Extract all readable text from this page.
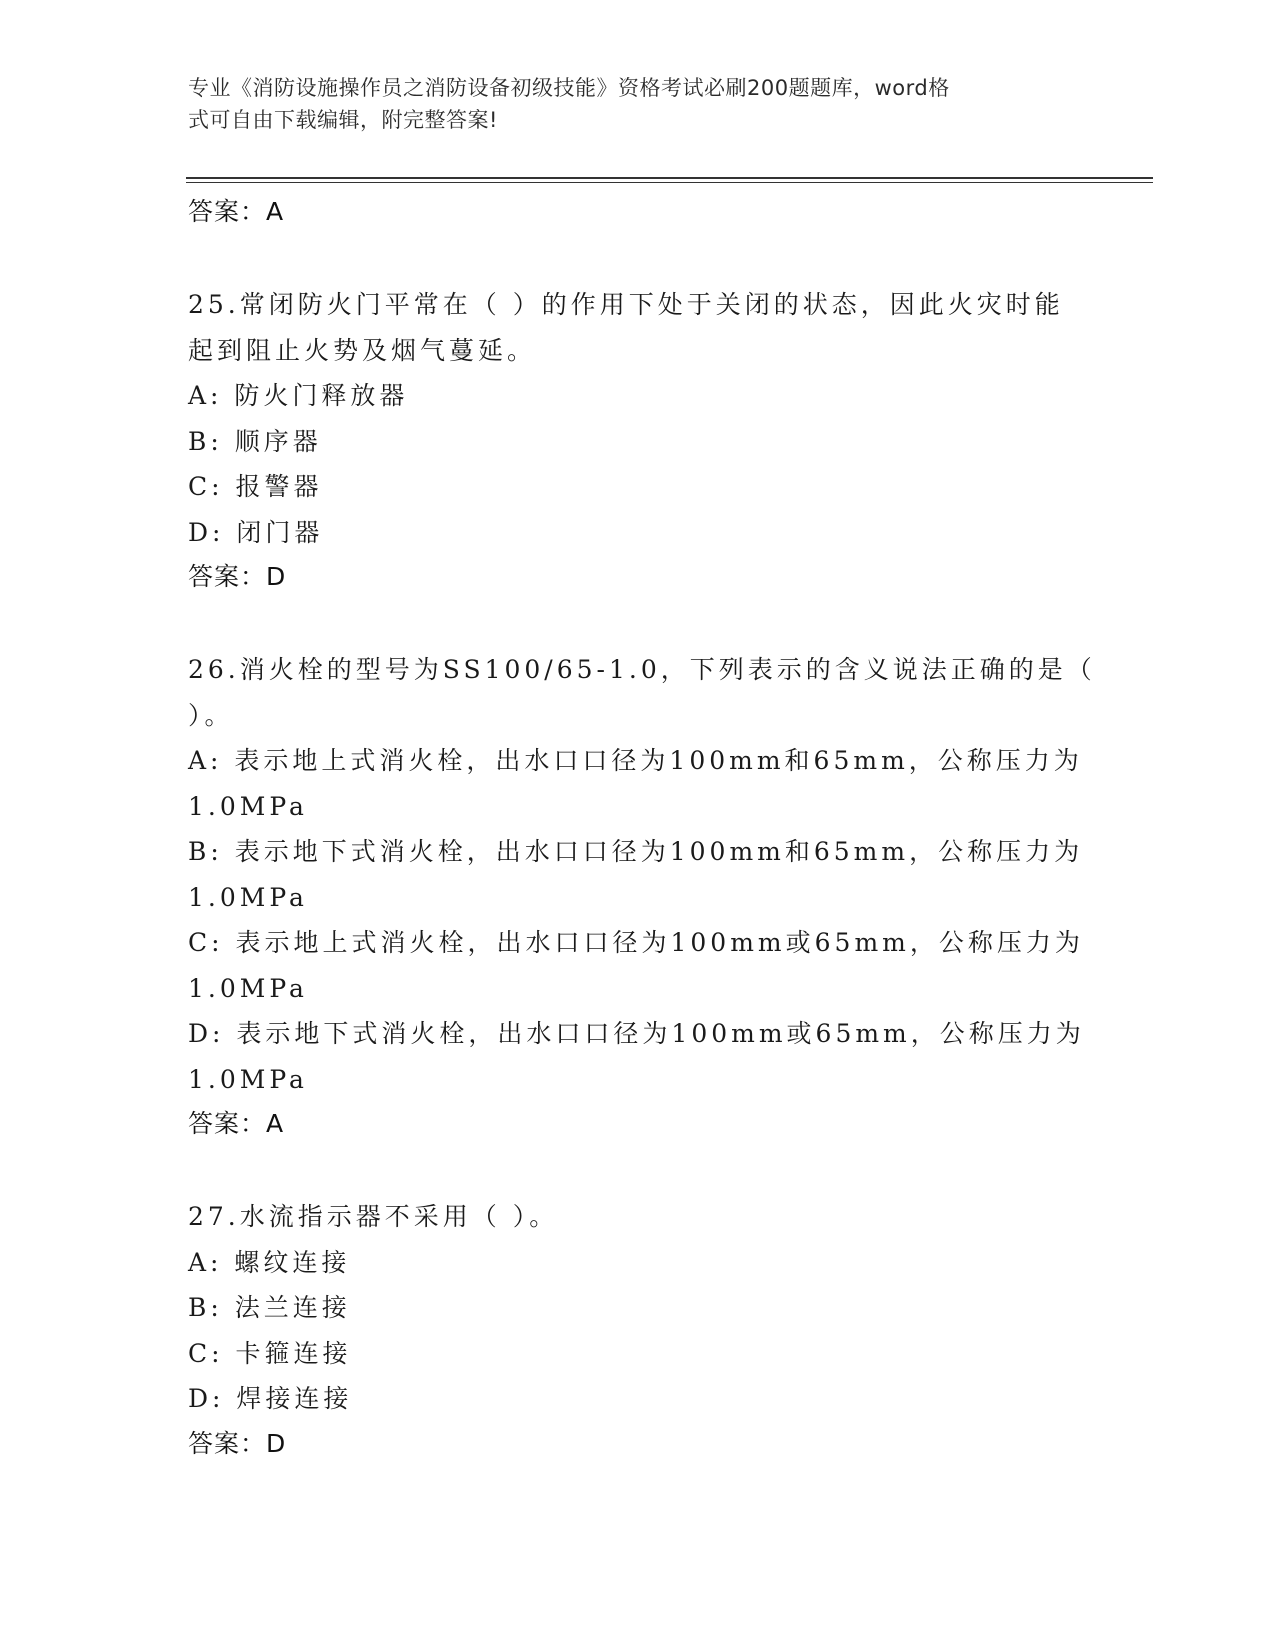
专业《消防设施操作员之消防设备初级技能》资格考试必刷200题题库，word格
式可自由下载编辑，附完整答案!
答案：A
25.常闭防火门平常在（ ）的作用下处于关闭的状态，因此火灾时能
起到阻止火势及烟气蔓延。
A: 防火门释放器
B: 顺序器
C: 报警器
D: 闭门器
答案：D
26.消火栓的型号为SS100/65-1.0，下列表示的含义说法正确的是（
）。
A: 表示地上式消火栓，出水口口径为100mm和65mm，公称压力为
1.0MPa
B: 表示地下式消火栓，出水口口径为100mm和65mm，公称压力为
1.0MPa
C: 表示地上式消火栓，出水口口径为100mm或65mm，公称压力为
1.0MPa
D: 表示地下式消火栓，出水口口径为100mm或65mm，公称压力为
1.0MPa
答案：A
27.水流指示器不采用（ ）。
A: 螺纹连接
B: 法兰连接
C: 卡箍连接
D: 焊接连接
答案：D
